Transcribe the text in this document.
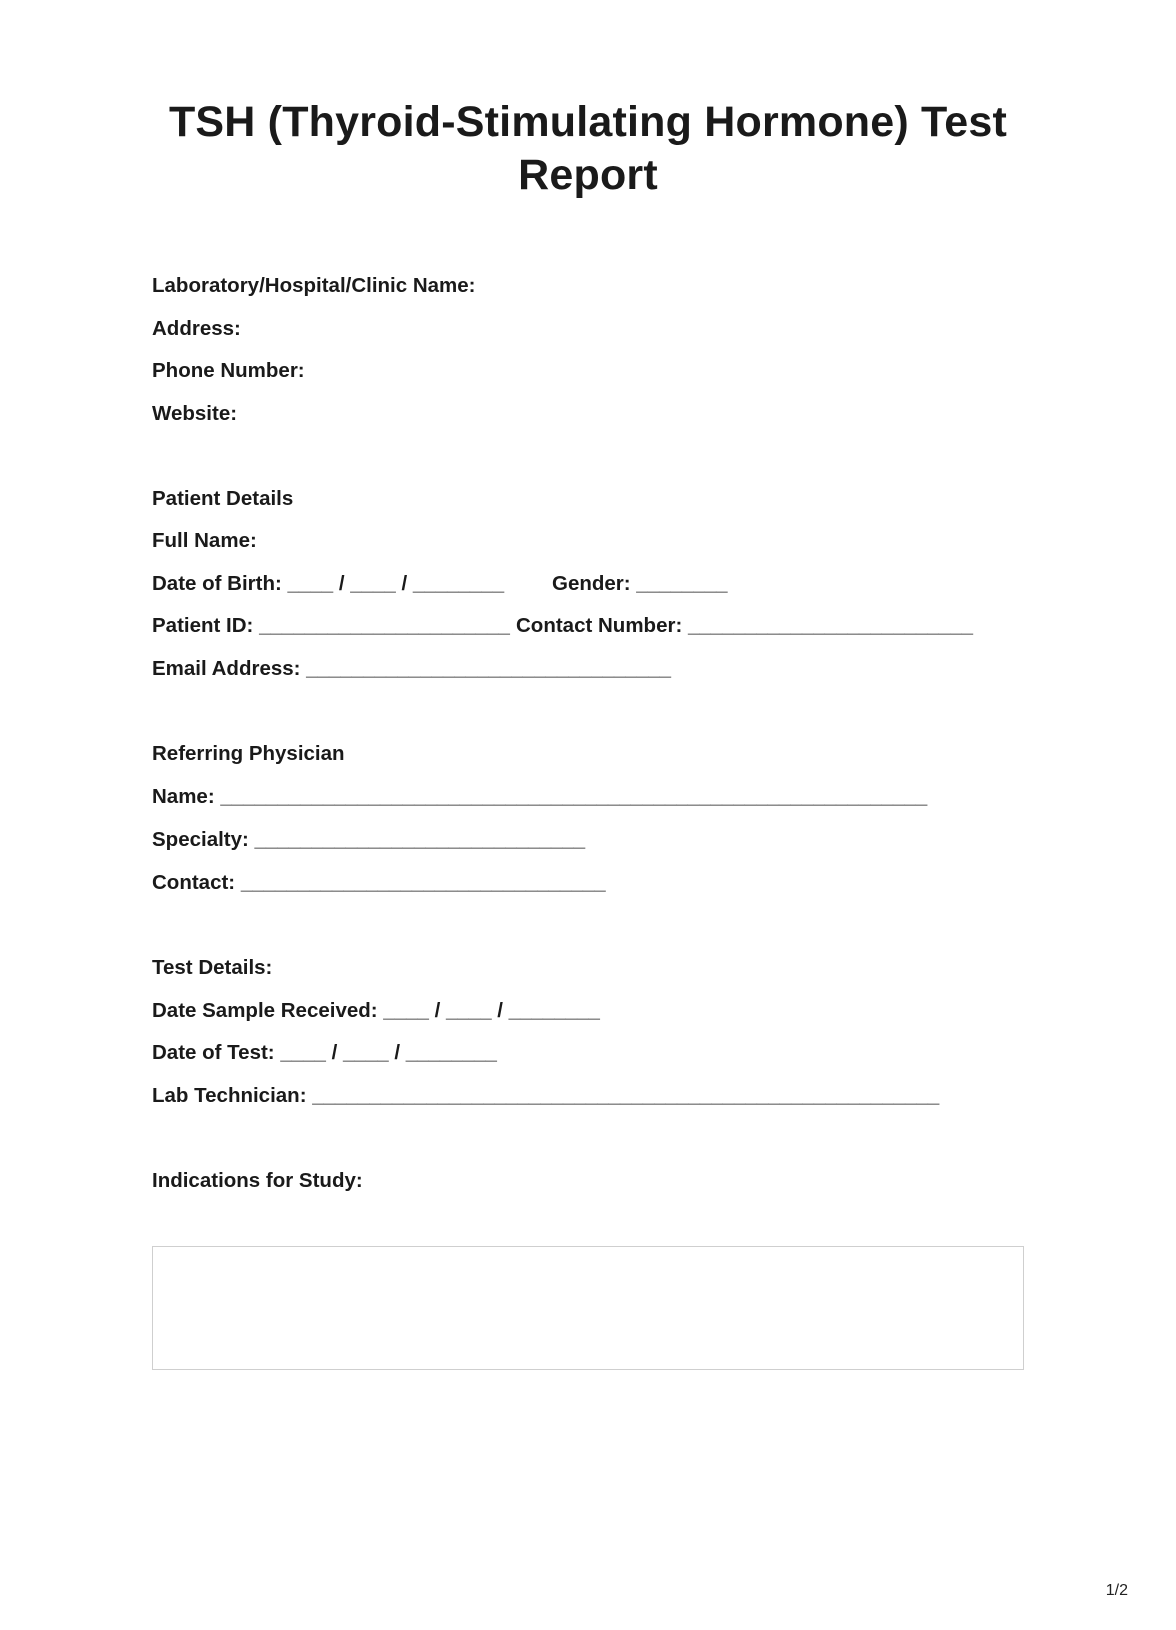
TSH (Thyroid-Stimulating Hormone) Test Report
Laboratory/Hospital/Clinic Name:
Address:
Phone Number:
Website:
Patient Details
Full Name:
Date of Birth: ____ / ____ / ________ Gender: ________
Patient ID: ______________________ Contact Number: _________________________
Email Address: ________________________________
Referring Physician
Name: ______________________________________________________________
Specialty: _____________________________
Contact: ________________________________
Test Details:
Date Sample Received: ____ / ____ / ________
Date of Test: ____ / ____ / ________
Lab Technician: _______________________________________________________
Indications for Study:
1/2
